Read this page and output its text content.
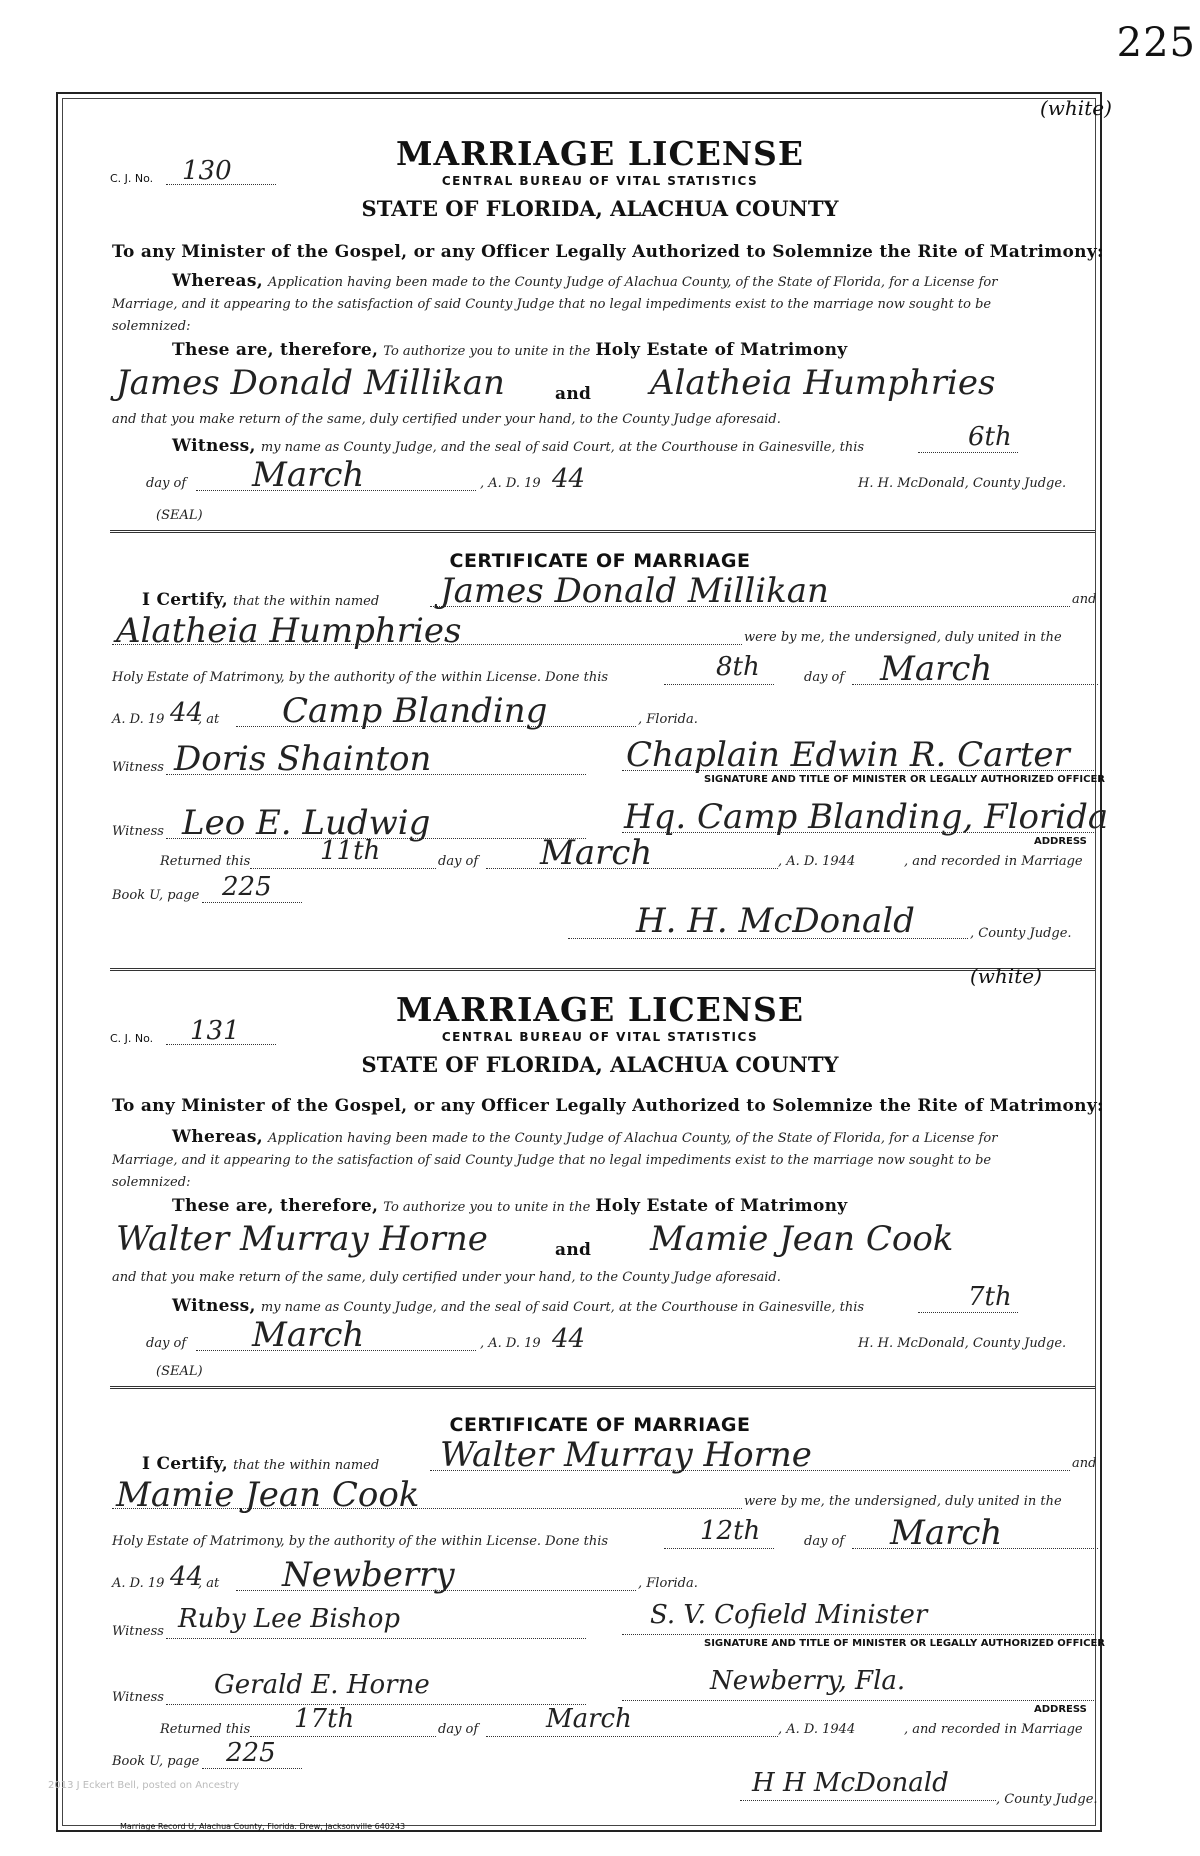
225
(white)
C. J. No. 130	MARRIAGE LICENSE
CENTRAL BUREAU OF VITAL STATISTICS
STATE OF FLORIDA, ALACHUA COUNTY
To any Minister of the Gospel, or any Officer Legally Authorized to Solemnize the Rite of Matrimony:
Whereas, Application having been made to the County Judge of Alachua County, of the State of Florida, for a License for
Marriage, and it appearing to the satisfaction of said County Judge that no legal impediments exist to the marriage now sought to be
solemnized:
These are, therefore, To authorize you to unite in the Holy Estate of Matrimony
James Donald Millikan	and Alatheia Humphries
and that you make return of the same, duly certified under your hand, to the County Judge aforesaid.
Witness, my name as County Judge, and the seal of said Court, at the Courthouse in Gainesville, this	6th
day of March	, A. D. 19 44	H. H. McDonald, County Judge.
(SEAL)
CERTIFICATE OF MARRIAGE
I Certify, that the within named James Donald Millikan	and
Alatheia Humphries	were by me, the undersigned, duly united in the
Holy Estate of Matrimony, by the authority of the within License. Done this	8th	day of March
A. D. 19 44
, at Camp Blanding	, Florida.
Witness Doris Shainton	Chaplain Edwin R. Carter
SIGNATURE AND TITLE OF MINISTER OR LEGALLY AUTHORIZED OFFICER
Witness Leo E. Ludwig	Hq. Camp Blanding, Florida
ADDRESS
Returned this	11th	day of March	, A. D. 1944	, and recorded in Marriage
Book U, page 225
H. H. McDonald	, County Judge.
(white)
C. J. No. 131
MARRIAGE LICENSE
CENTRAL BUREAU OF VITAL STATISTICS
STATE OF FLORIDA, ALACHUA COUNTY
To any Minister of the Gospel, or any Officer Legally Authorized to Solemnize the Rite of Matrimony:
Whereas, Application having been made to the County Judge of Alachua County, of the State of Florida, for a License for
Marriage, and it appearing to the satisfaction of said County Judge that no legal impediments exist to the marriage now sought to be
solemnized:
These are, therefore, To authorize you to unite in the Holy Estate of Matrimony
Walter Murray Horne	and Mamie Jean Cook
and that you make return of the same, duly certified under your hand, to the County Judge aforesaid.
Witness, my name as County Judge, and the seal of said Court, at the Courthouse in Gainesville, this	7th
day of March	, A. D. 19 44	H. H. McDonald, County Judge.
(SEAL)
CERTIFICATE OF MARRIAGE
I Certify, that the within named Walter Murray Horne	and
Mamie Jean Cook	were by me, the undersigned, duly united in the
Holy Estate of Matrimony, by the authority of the within License. Done this	12th	day of March
A. D. 19 44
, at Newberry	, Florida.
Witness Ruby Lee Bishop	S. V. Cofield Minister
SIGNATURE AND TITLE OF MINISTER OR LEGALLY AUTHORIZED OFFICER
Witness Gerald E. Horne	Newberry, Fla.
ADDRESS
Returned this 17th	day of	March	, A. D. 1944	, and recorded in Marriage
Book U, page 225
H H McDonald
, County Judge.
2013 J Eckert Bell, posted on Ancestry
Marriage Record U, Alachua County, Florida. Drew, Jacksonville 640243
